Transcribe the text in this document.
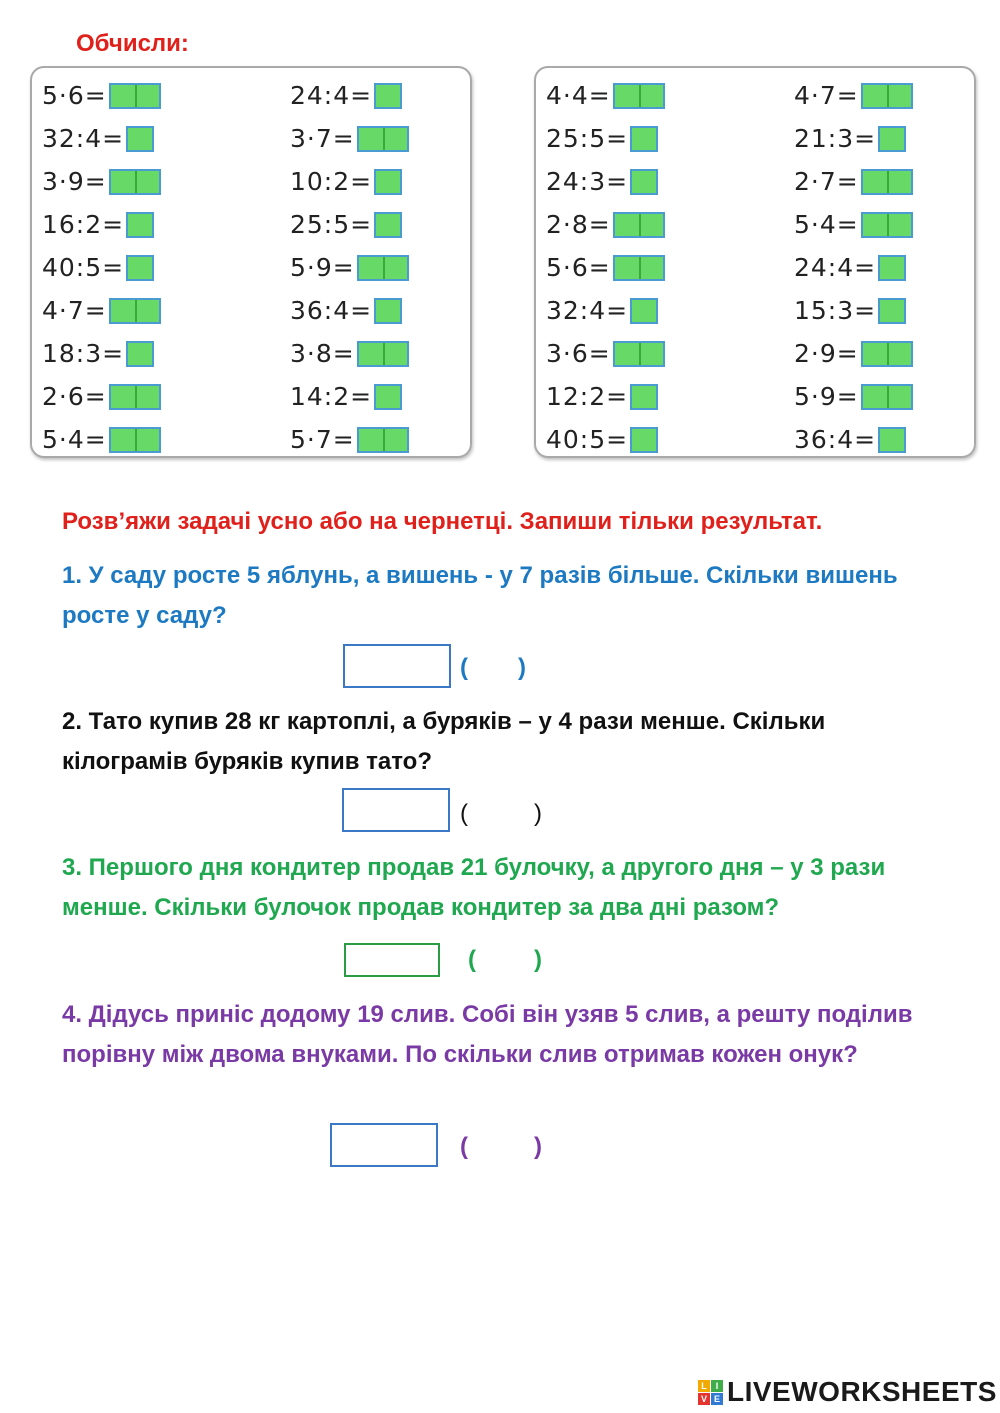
Обчисли:
5·6=
32:4=
3·9=
16:2=
40:5=
4·7=
18:3=
2·6=
5·4=
24:4=
3·7=
10:2=
25:5=
5·9=
36:4=
3·8=
14:2=
5·7=
4·4=
25:5=
24:3=
2·8=
5·6=
32:4=
3·6=
12:2=
40:5=
4·7=
21:3=
2·7=
5·4=
24:4=
15:3=
2·9=
5·9=
36:4=
Розв’яжи задачі усно або на чернетці. Запиши тільки результат.
1. У саду росте 5 яблунь, а вишень - у 7 разів більше. Скільки вишень росте у саду?
( )
2. Тато купив 28 кг картоплі, а буряків – у 4 рази менше. Скільки кілограмів буряків купив тато?
(	)
3. Першого дня кондитер продав 21 булочку, а другого дня – у 3 рази менше. Скільки булочок продав кондитер за два дні разом?
( )
4. Дідусь приніс додому 19 слив. Собі він узяв 5 слив, а решту поділив порівну між двома внуками. По скільки слив отримав кожен онук?
(	)
L I
V E LIVEWORKSHEETS
